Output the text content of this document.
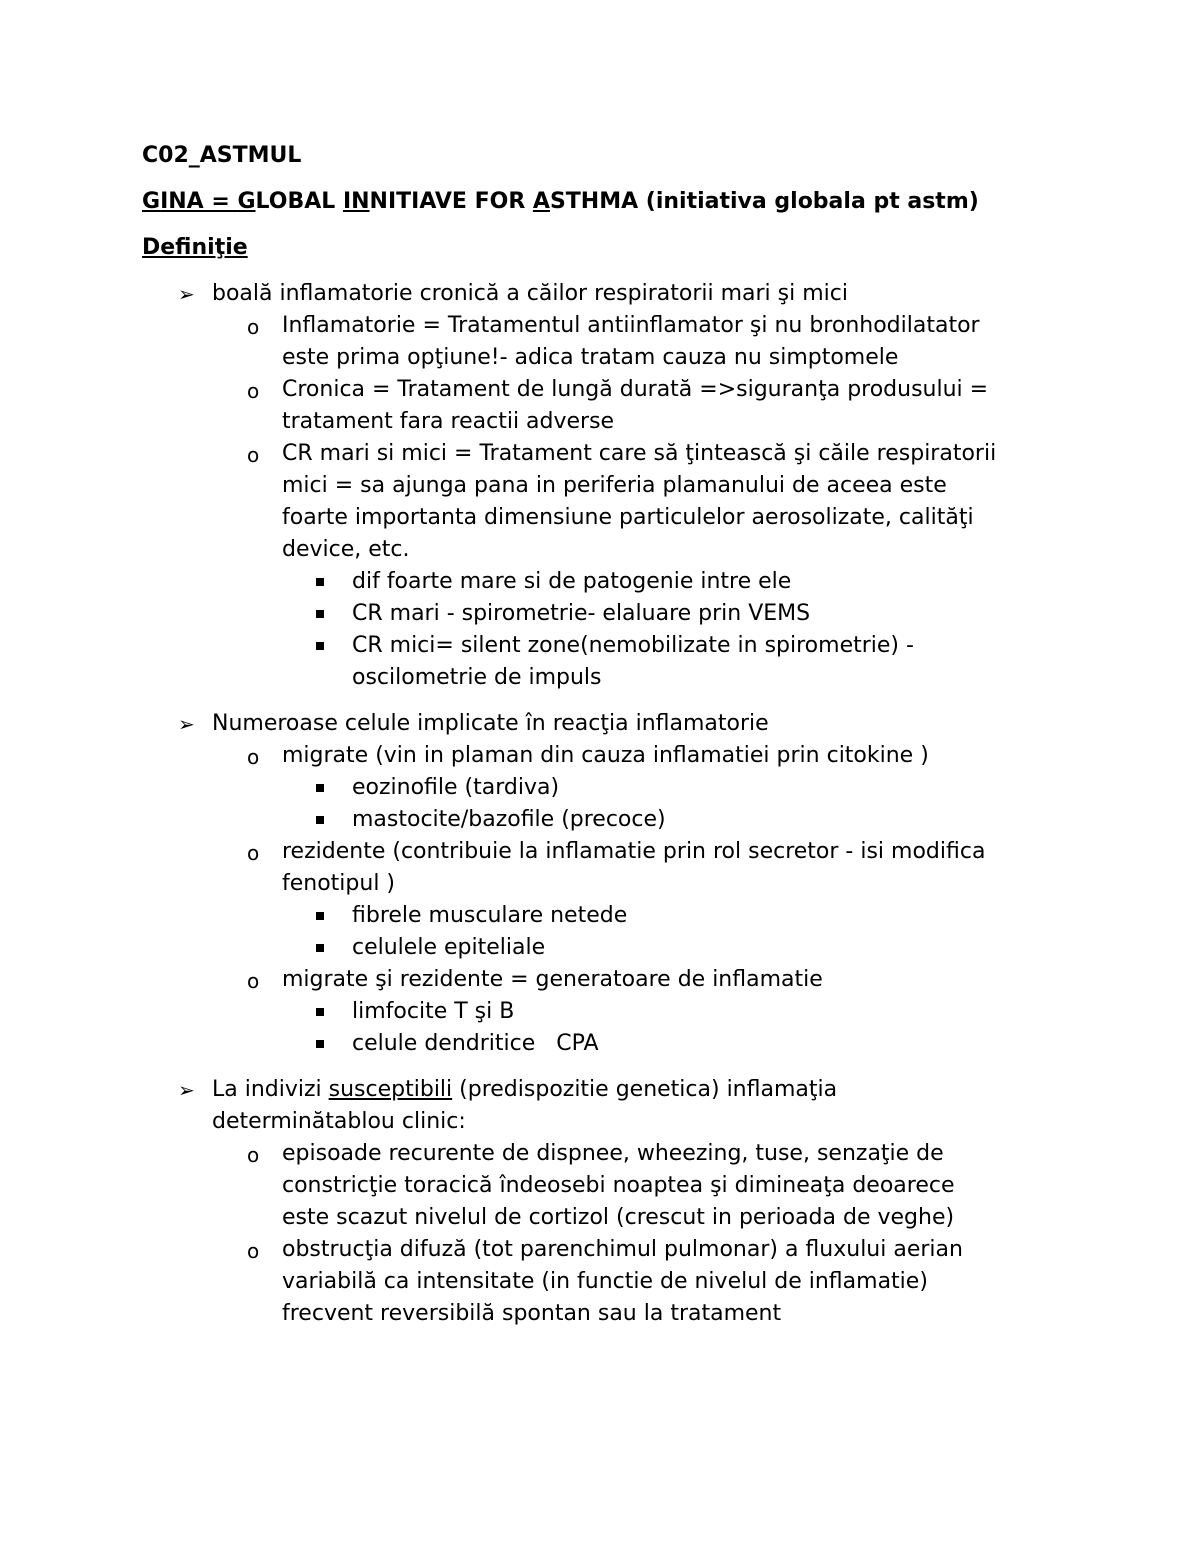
C02_ASTMUL
GINA = GLOBAL INNITIAVE FOR ASTHMA (initiativa globala pt astm)
Definiţie
➢ boală inflamatorie cronică a căilor respiratorii mari şi mici
o Inflamatorie = Tratamentul antiinflamator şi nu bronhodilatator
este prima opţiune!- adica tratam cauza nu simptomele
o Cronica = Tratament de lungă durată =>siguranţa produsului =
tratament fara reactii adverse
o CR mari si mici = Tratament care să ţintească şi căile respiratorii
mici = sa ajunga pana in periferia plamanului de aceea este
foarte importanta dimensiune particulelor aerosolizate, calităţi
device, etc.
dif foarte mare si de patogenie intre ele
CR mari - spirometrie- elaluare prin VEMS
CR mici= silent zone(nemobilizate in spirometrie) -
oscilometrie de impuls
➢ Numeroase celule implicate în reacţia inflamatorie
o migrate (vin in plaman din cauza inflamatiei prin citokine )
eozinofile (tardiva)
mastocite/bazofile (precoce)
o rezidente (contribuie la inflamatie prin rol secretor - isi modifica
fenotipul )
fibrele musculare netede
celulele epiteliale
o migrate şi rezidente = generatoare de inflamatie
limfocite T şi B
celule dendritice   CPA
➢ La indivizi susceptibili (predispozitie genetica) inflamaţia
determinătablou clinic:
o episoade recurente de dispnee, wheezing, tuse, senzaţie de
constricţie toracică îndeosebi noaptea şi dimineaţa deoarece
este scazut nivelul de cortizol (crescut in perioada de veghe)
o obstrucţia difuză (tot parenchimul pulmonar) a fluxului aerian
variabilă ca intensitate (in functie de nivelul de inflamatie)
frecvent reversibilă spontan sau la tratament
